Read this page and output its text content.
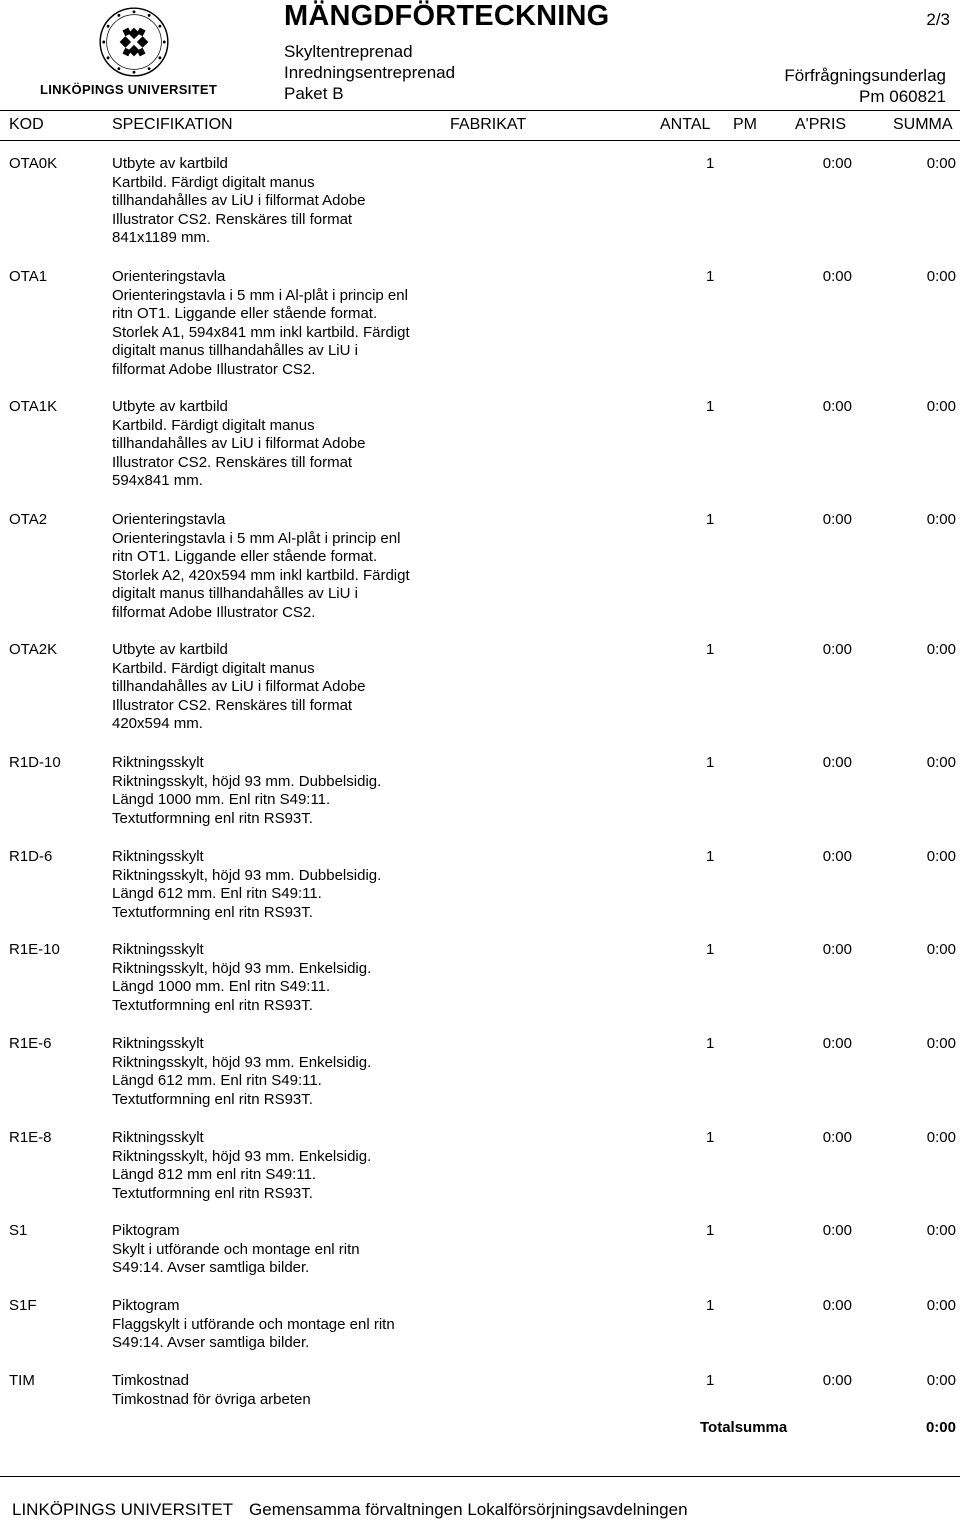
LINKÖPINGS UNIVERSITET
MÄNGDFÖRTECKNING	2/3
Skyltentreprenad
Inredningsentreprenad
Paket B
Förfrågningsunderlag
Pm 060821
KOD	SPECIFIKATION	FABRIKAT	ANTAL PM A'PRIS	SUMMA
OTA0K	Utbyte av kartbild
Kartbild. Färdigt digitalt manus
tillhandahålles av LiU i filformat Adobe
Illustrator CS2. Renskäres till format
841x1189 mm.
1	0:00	0:00
OTA1	Orienteringstavla
Orienteringstavla i 5 mm i Al-plåt i princip enl
ritn OT1. Liggande eller stående format.
Storlek A1, 594x841 mm inkl kartbild. Färdigt
digitalt manus tillhandahålles av LiU i
filformat Adobe Illustrator CS2.
1	0:00	0:00
OTA1K	Utbyte av kartbild
Kartbild. Färdigt digitalt manus
tillhandahålles av LiU i filformat Adobe
Illustrator CS2. Renskäres till format
594x841 mm.
1	0:00	0:00
OTA2	Orienteringstavla
Orienteringstavla i 5 mm Al-plåt i princip enl
ritn OT1. Liggande eller stående format.
Storlek A2, 420x594 mm inkl kartbild. Färdigt
digitalt manus tillhandahålles av LiU i
filformat Adobe Illustrator CS2.
1	0:00	0:00
OTA2K	Utbyte av kartbild
Kartbild. Färdigt digitalt manus
tillhandahålles av LiU i filformat Adobe
Illustrator CS2. Renskäres till format
420x594 mm.
1	0:00	0:00
R1D-10	Riktningsskylt
Riktningsskylt, höjd 93 mm. Dubbelsidig.
Längd 1000 mm. Enl ritn S49:11.
Textutformning enl ritn RS93T.
1	0:00	0:00
R1D-6	Riktningsskylt
Riktningsskylt, höjd 93 mm. Dubbelsidig.
Längd 612 mm. Enl ritn S49:11.
Textutformning enl ritn RS93T.
1	0:00	0:00
R1E-10	Riktningsskylt
Riktningsskylt, höjd 93 mm. Enkelsidig.
Längd 1000 mm. Enl ritn S49:11.
Textutformning enl ritn RS93T.
1	0:00	0:00
R1E-6	Riktningsskylt
Riktningsskylt, höjd 93 mm. Enkelsidig.
Längd 612 mm. Enl ritn S49:11.
Textutformning enl ritn RS93T.
1	0:00	0:00
R1E-8	Riktningsskylt
Riktningsskylt, höjd 93 mm. Enkelsidig.
Längd 812 mm enl ritn S49:11.
Textutformning enl ritn RS93T.
1	0:00	0:00
S1	Piktogram
Skylt i utförande och montage enl ritn
S49:14. Avser samtliga bilder.
1	0:00	0:00
S1F	Piktogram
Flaggskylt i utförande och montage enl ritn
S49:14. Avser samtliga bilder.
1	0:00	0:00
TIM	Timkostnad
Timkostnad för övriga arbeten
1	0:00	0:00
Totalsumma	0:00
LINKÖPINGS UNIVERSITET Gemensamma förvaltningen Lokalförsörjningsavdelningen
